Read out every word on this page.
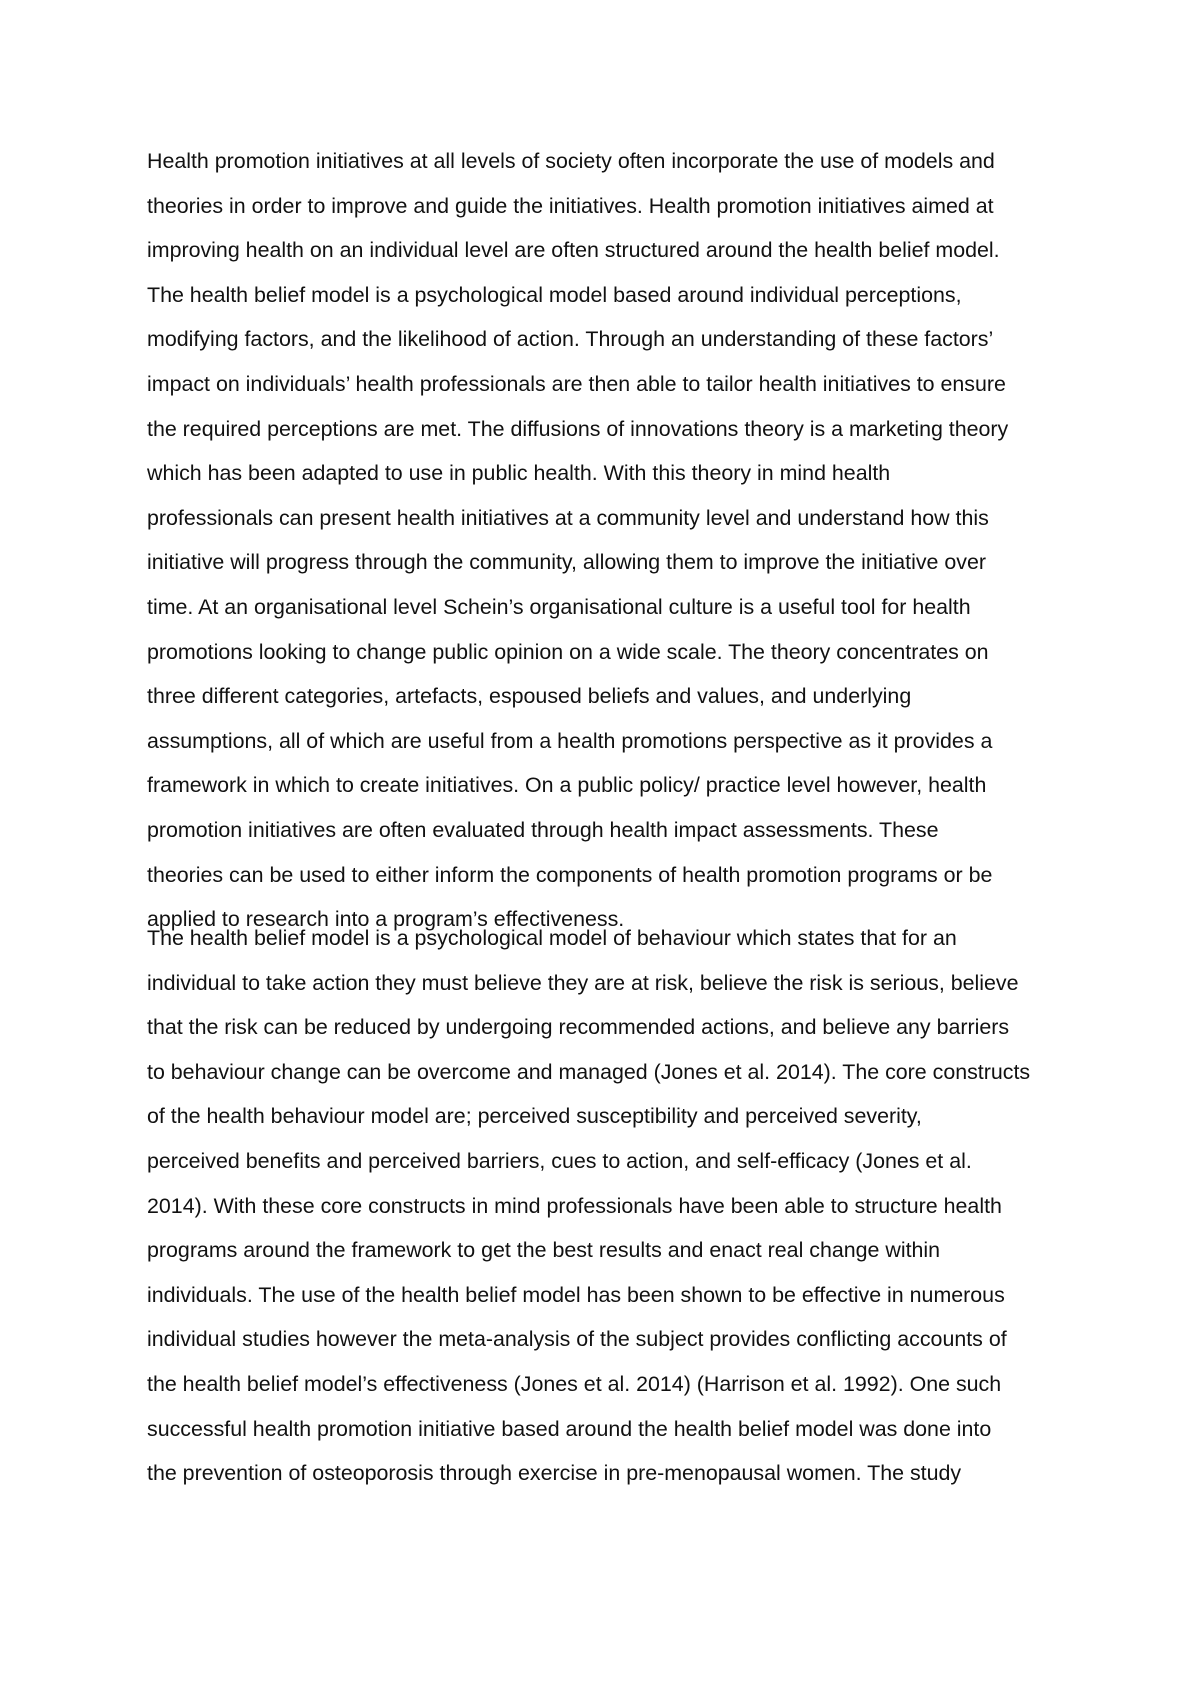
Health promotion initiatives at all levels of society often incorporate the use of models and
theories in order to improve and guide the initiatives. Health promotion initiatives aimed at
improving health on an individual level are often structured around the health belief model.
The health belief model is a psychological model based around individual perceptions,
modifying factors, and the likelihood of action. Through an understanding of these factors’
impact on individuals’ health professionals are then able to tailor health initiatives to ensure
the required perceptions are met. The diffusions of innovations theory is a marketing theory
which has been adapted to use in public health. With this theory in mind health
professionals can present health initiatives at a community level and understand how this
initiative will progress through the community, allowing them to improve the initiative over
time. At an organisational level Schein’s organisational culture is a useful tool for health
promotions looking to change public opinion on a wide scale. The theory concentrates on
three different categories, artefacts, espoused beliefs and values, and underlying
assumptions, all of which are useful from a health promotions perspective as it provides a
framework in which to create initiatives. On a public policy/ practice level however, health
promotion initiatives are often evaluated through health impact assessments. These
theories can be used to either inform the components of health promotion programs or be
applied to research into a program’s effectiveness.
The health belief model is a psychological model of behaviour which states that for an
individual to take action they must believe they are at risk, believe the risk is serious, believe
that the risk can be reduced by undergoing recommended actions, and believe any barriers
to behaviour change can be overcome and managed (Jones et al. 2014). The core constructs
of the health behaviour model are; perceived susceptibility and perceived severity,
perceived benefits and perceived barriers, cues to action, and self-efficacy (Jones et al.
2014). With these core constructs in mind professionals have been able to structure health
programs around the framework to get the best results and enact real change within
individuals. The use of the health belief model has been shown to be effective in numerous
individual studies however the meta-analysis of the subject provides conflicting accounts of
the health belief model’s effectiveness (Jones et al. 2014) (Harrison et al. 1992). One such
successful health promotion initiative based around the health belief model was done into
the prevention of osteoporosis through exercise in pre-menopausal women. The study
